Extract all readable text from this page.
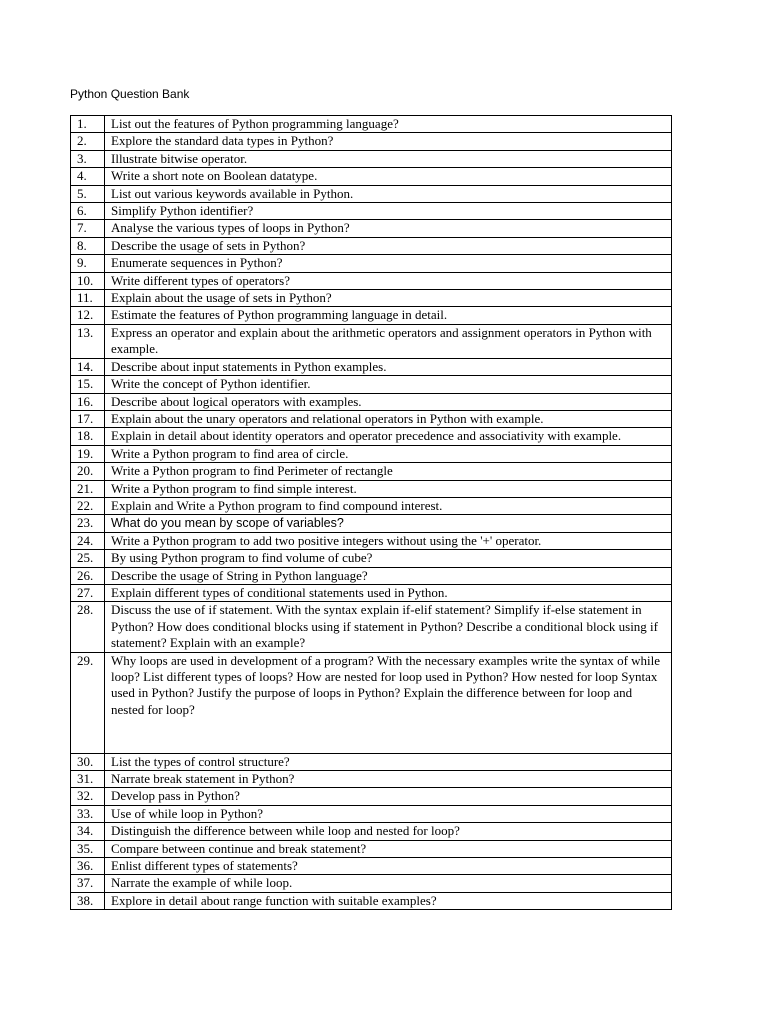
Python Question Bank
1.	List out the features of Python programming language?

2.	Explore the standard data types in Python?

3.	Illustrate bitwise operator.

4.	Write a short note on Boolean datatype.

5.	List out various keywords available in Python.

6.	Simplify Python identifier?

7.	Analyse the various types of loops in Python?

8.	Describe the usage of sets in Python?

9.	Enumerate sequences in Python?

10.	Write different types of operators?

11.	Explain about the usage of sets in Python?

12.	Estimate the features of Python programming language in detail.

13.	Express an operator and explain about the arithmetic operators and assignment operators in Python with example.

14.	Describe about input statements in Python examples.

15.	Write the concept of Python identifier.

16.	Describe about logical operators with examples.

17.	Explain about the unary operators and relational operators in Python with example.

18.	Explain in detail about identity operators and operator precedence and associativity with example.

19.	Write a Python program to find area of circle.

20.	Write a Python program to find Perimeter of rectangle

21.	Write a Python program to find simple interest.

22.	Explain and Write a Python program to find compound interest.

23.	What do you mean by scope of variables?

24.	Write a Python program to add two positive integers without using the '+' operator.

25.	By using Python program to find volume of cube?

26.	Describe the usage of String in Python language?

27.	Explain different types of conditional statements used in Python.

28.	Discuss the use of if statement. With the syntax explain if-elif statement? Simplify if-else statement in Python? How does conditional blocks using if statement in Python? Describe a conditional block using if statement? Explain with an example?

29.	Why loops are used in development of a program? With the necessary examples write the syntax of while loop? List different types of loops? How are nested for loop used in Python? How nested for loop Syntax used in Python? Justify the purpose of loops in Python? Explain the difference between for loop and nested for loop?

30.	List the types of control structure?

31.	Narrate break statement in Python?

32.	Develop pass in Python?

33.	Use of while loop in Python?

34.	Distinguish the difference between while loop and nested for loop?

35.	Compare between continue and break statement?

36.	Enlist different types of statements?

37.	Narrate the example of while loop.

38.	Explore in detail about range function with suitable examples?
